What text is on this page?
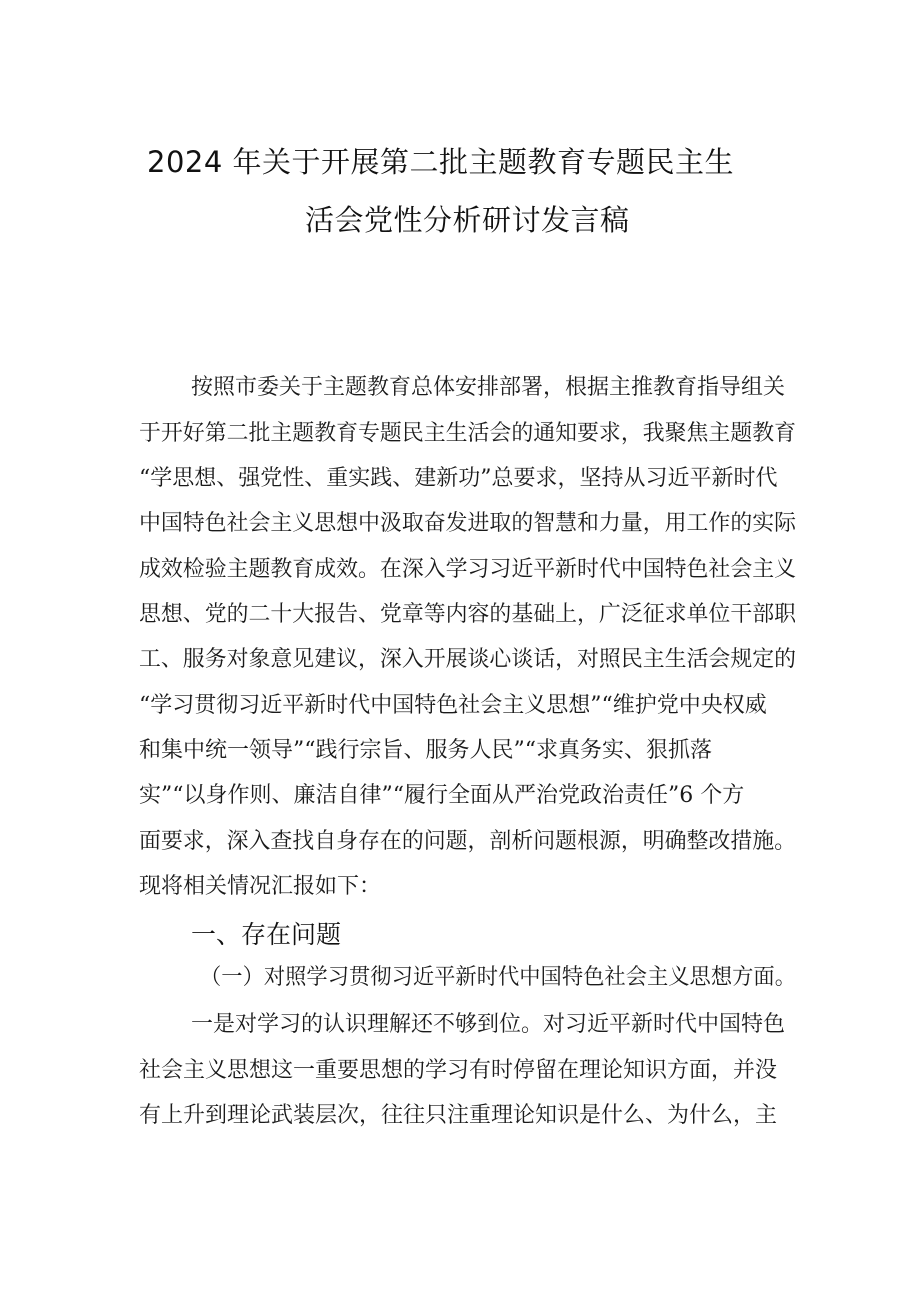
2024 年关于开展第二批主题教育专题民主生
活会党性分析研讨发言稿
按照市委关于主题教育总体安排部署，根据主推教育指导组关
于开好第二批主题教育专题民主生活会的通知要求，我聚焦主题教育
“学思想、强党性、重实践、建新功”总要求，坚持从习近平新时代
中国特色社会主义思想中汲取奋发进取的智慧和力量，用工作的实际
成效检验主题教育成效。在深入学习习近平新时代中国特色社会主义
思想、党的二十大报告、党章等内容的基础上，广泛征求单位干部职
工、服务对象意见建议，深入开展谈心谈话，对照民主生活会规定的
“学习贯彻习近平新时代中国特色社会主义思想”“维护党中央权威
和集中统一领导”“践行宗旨、服务人民”“求真务实、狠抓落
实”“以身作则、廉洁自律”“履行全面从严治党政治责任”6 个方
面要求，深入查找自身存在的问题，剖析问题根源，明确整改措施。
现将相关情况汇报如下：
一、存在问题
（一）对照学习贯彻习近平新时代中国特色社会主义思想方面。
一是对学习的认识理解还不够到位。对习近平新时代中国特色
社会主义思想这一重要思想的学习有时停留在理论知识方面，并没
有上升到理论武装层次，往往只注重理论知识是什么、为什么，主
